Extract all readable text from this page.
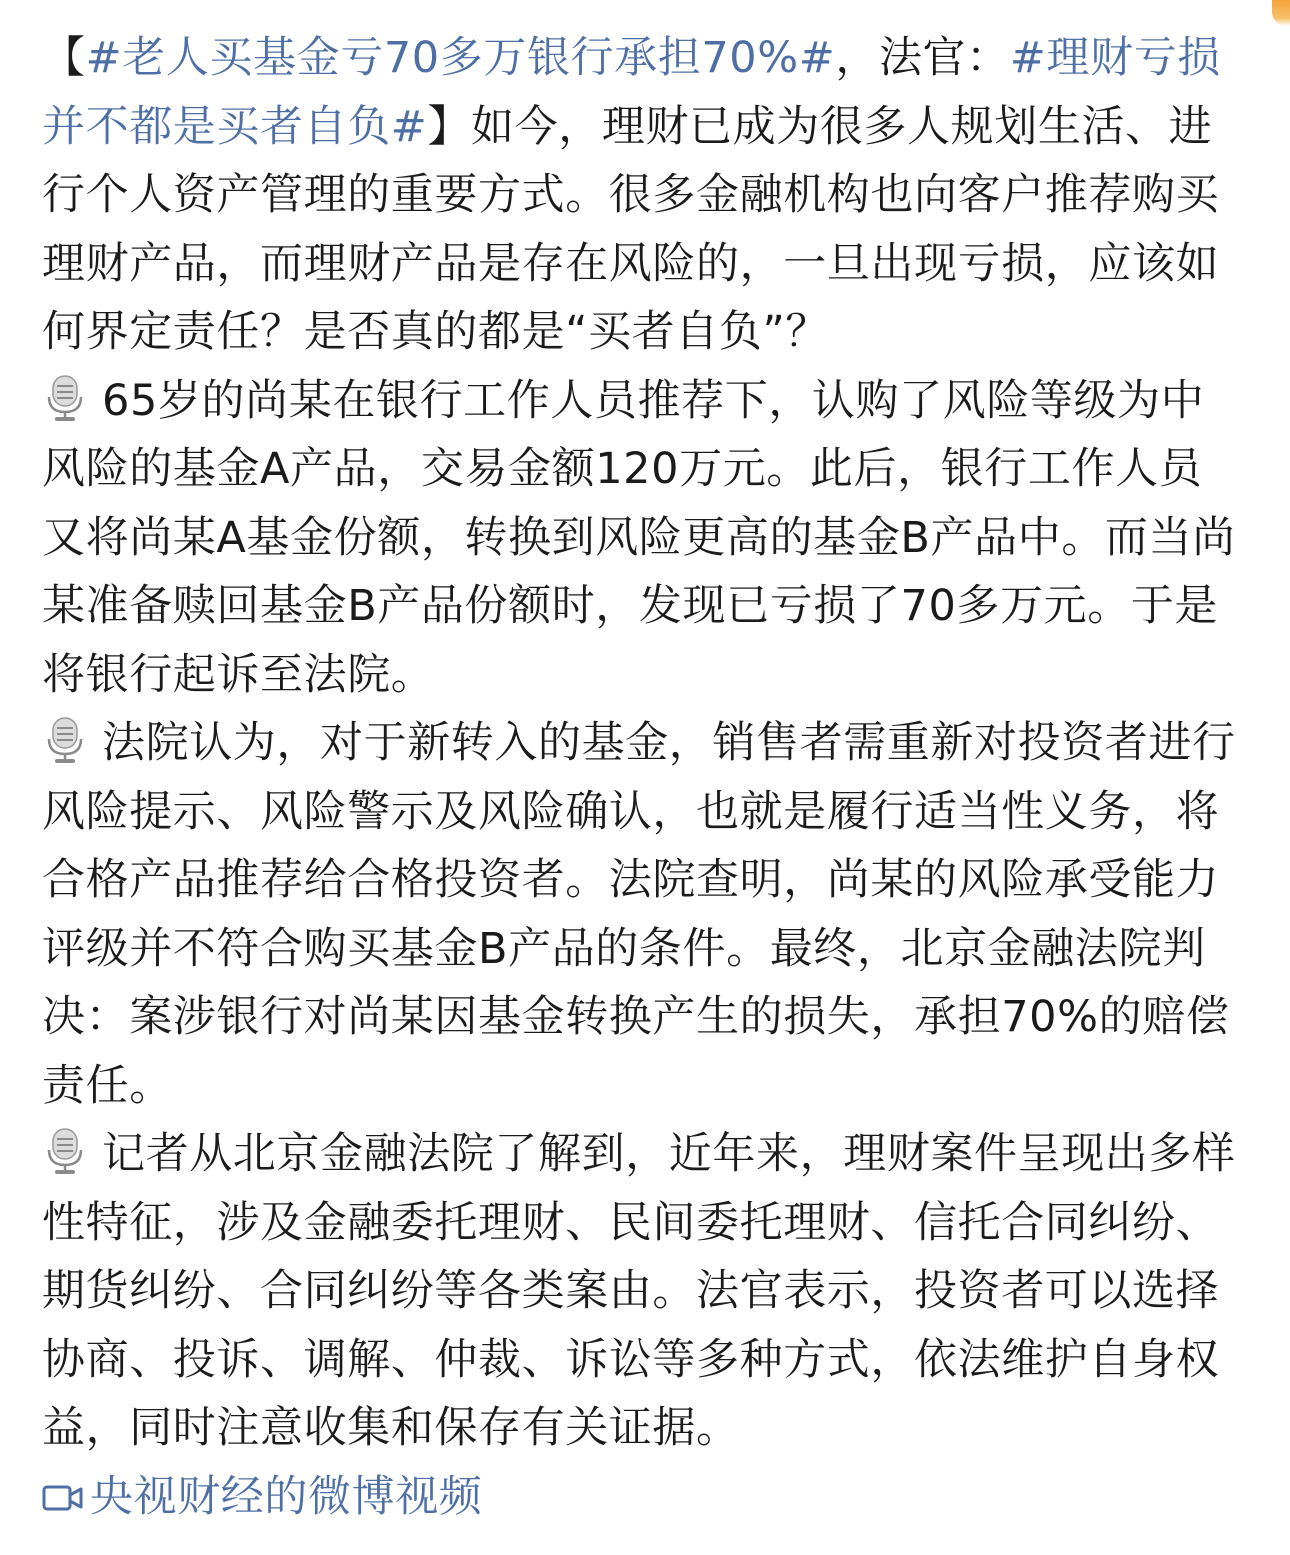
【#老人买基金亏70多万银行承担70%#，法官：#理财亏损并不都是买者自负#】如今，理财已成为很多人规划生活、进行个人资产管理的重要方式。很多金融机构也向客户推荐购买理财产品，而理财产品是存在风险的，一旦出现亏损，应该如何界定责任？是否真的都是“买者自负”？

65岁的尚某在银行工作人员推荐下，认购了风险等级为中风险的基金A产品，交易金额120万元。此后，银行工作人员又将尚某A基金份额，转换到风险更高的基金B产品中。而当尚某准备赎回基金B产品份额时，发现已亏损了70多万元。于是将银行起诉至法院。

法院认为，对于新转入的基金，销售者需重新对投资者进行风险提示、风险警示及风险确认，也就是履行适当性义务，将合格产品推荐给合格投资者。法院查明，尚某的风险承受能力评级并不符合购买基金B产品的条件。最终，北京金融法院判决：案涉银行对尚某因基金转换产生的损失，承担70%的赔偿责任。

记者从北京金融法院了解到，近年来，理财案件呈现出多样性特征，涉及金融委托理财、民间委托理财、信托合同纠纷、期货纠纷、合同纠纷等各类案由。法官表示，投资者可以选择协商、投诉、调解、仲裁、诉讼等多种方式，依法维护自身权益，同时注意收集和保存有关证据。

央视财经的微博视频
